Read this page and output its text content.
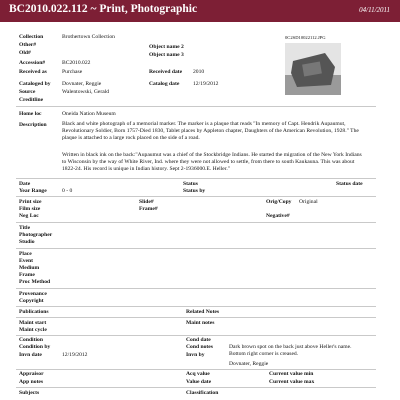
BC2010.022.112 ~ Print, Photographic	04/11/2011
0C2SD10022112.JPG
Collection	Brothertown Collection
Other#	Object name 2
Old#	Object name 3
Accession#	BC2010.022
Received as	Purchase	Received date 2010
Cataloged by Dovnater, Reggie	Catalog date 12/19/2012
Source	Walentowski, Gerald
Creditline
Home loc	Oneida Nation Museum
Description	Black and white photograph of a memorial marker. The marker is a plaque that reads "In memory of Capt. Hendrik Aupaumut, Revolutionary Soldier, Born 1757-Died 1830, Tablet places by Appleton chapter, Daughters of the American Revolution, 1928." The plaque is attached to a large rock placed on the side of a road.
Written in black ink on the back:"Aupaumut was a chief of the Stockbridge Indians. He started the migration of the New York Indians to Wisconsin by the way of White River, Ind. where they were not allowed to settle, from there to south Kaukauna. This was about 1822-24. His record is unique in Indian history. Sept 2-1936000.E. Heller."
Date	Status	Status date
Year Range	0 - 0	Status by
Print size	Slide#	Orig/Copy Original
Film size	Frame#
Neg Loc	Negative#
Title
Photographer
Studio
Place
Event
Medium
Frame
Proc Method
Provenance
Copyright
Publications	Related Notes
Maint start	Maint notes
Maint cycle
Condition	Cond date
Condition by	Cond notes	Dark brown spot on the back just above Heller's name. Bottom right corner is creased.
Invn date	12/19/2012	Invn by
Dovnater, Reggie
Appraisor	Acq value	Current value min
App notes	Value date	Current value max
Subjects	Classification
